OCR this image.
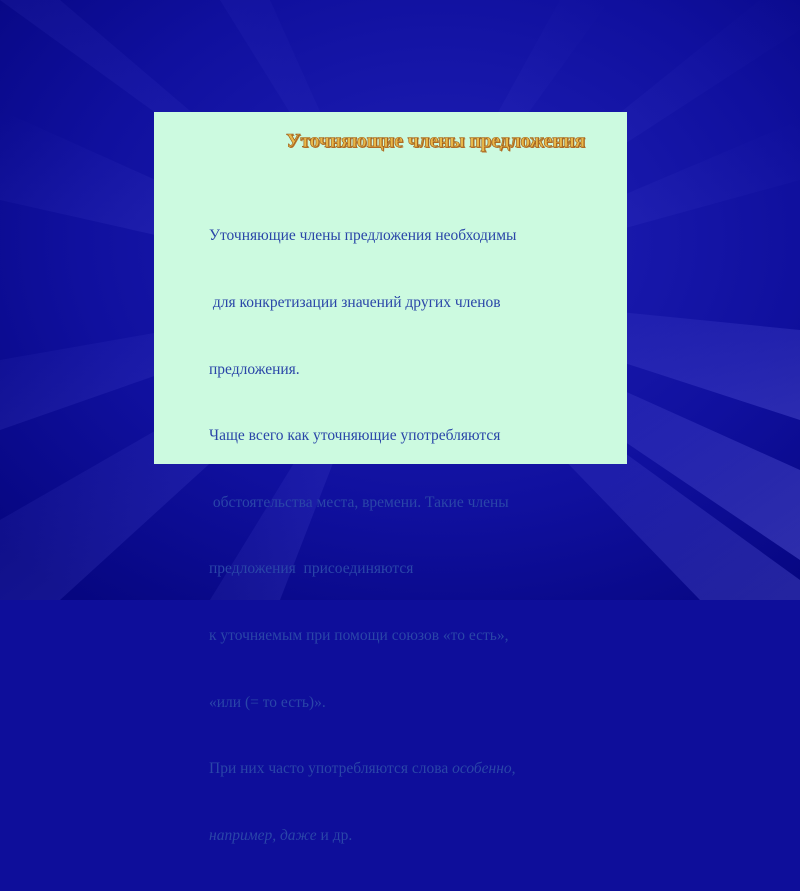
Уточняющие члены предложения

Уточняющие члены предложения необходимы

для конкретизации значений других членов

предложения.

Чаще всего как уточняющие употребляются

обстоятельства места, времени. Такие члены

предложения  присоединяются

к уточняемым при помощи союзов «то есть»,

«или (= то есть)».

При них часто употребляются слова особенно,

например, даже и др.
